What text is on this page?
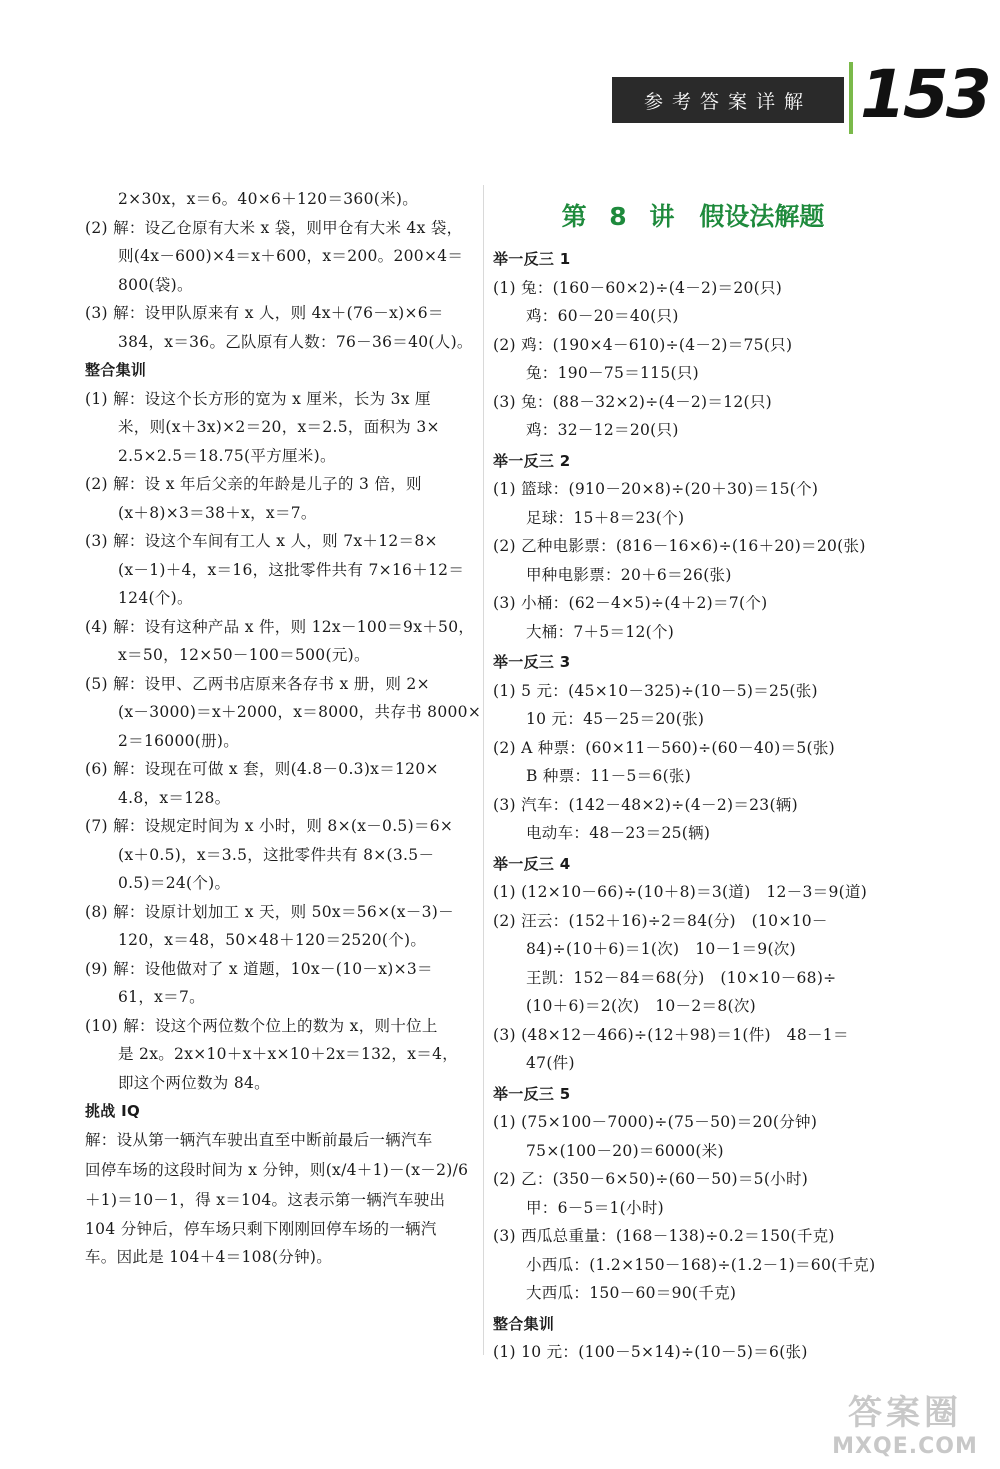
参考答案详解 153
2×30x，x＝6。40×6＋120＝360(米)。
(2) 解：设乙仓原有大米 x 袋，则甲仓有大米 4x 袋，
则(4x－600)×4＝x＋600，x＝200。200×4＝
800(袋)。
(3) 解：设甲队原来有 x 人，则 4x＋(76－x)×6＝
384，x＝36。乙队原有人数：76－36＝40(人)。
整合集训
(1) 解：设这个长方形的宽为 x 厘米，长为 3x 厘
米，则(x＋3x)×2＝20，x＝2.5，面积为 3×
2.5×2.5＝18.75(平方厘米)。
(2) 解：设 x 年后父亲的年龄是儿子的 3 倍，则
(x＋8)×3＝38＋x，x＝7。
(3) 解：设这个车间有工人 x 人，则 7x＋12＝8×
(x－1)＋4，x＝16，这批零件共有 7×16＋12＝
124(个)。
(4) 解：设有这种产品 x 件，则 12x－100＝9x＋50，
x＝50，12×50－100＝500(元)。
(5) 解：设甲、乙两书店原来各存书 x 册，则 2×
(x－3000)＝x＋2000，x＝8000，共存书 8000×
2＝16000(册)。
(6) 解：设现在可做 x 套，则(4.8－0.3)x＝120×
4.8，x＝128。
(7) 解：设规定时间为 x 小时，则 8×(x－0.5)＝6×
(x＋0.5)，x＝3.5，这批零件共有 8×(3.5－
0.5)＝24(个)。
(8) 解：设原计划加工 x 天，则 50x＝56×(x－3)－
120，x＝48，50×48＋120＝2520(个)。
(9) 解：设他做对了 x 道题，10x－(10－x)×3＝
61，x＝7。
(10) 解：设这个两位数个位上的数为 x，则十位上
是 2x。2x×10＋x＋x×10＋2x＝132，x＝4，
即这个两位数为 84。
挑战 IQ
解：设从第一辆汽车驶出直至中断前最后一辆汽车
回停车场的这段时间为 x 分钟，则(x/4＋1)－(x－2)/6
＋1)＝10－1，得 x＝104。这表示第一辆汽车驶出
104 分钟后，停车场只剩下刚刚回停车场的一辆汽
车。因此是 104＋4＝108(分钟)。
第 8 讲　假设法解题
举一反三 1
(1) 兔：(160－60×2)÷(4－2)＝20(只)
鸡：60－20＝40(只)
(2) 鸡：(190×4－610)÷(4－2)＝75(只)
兔：190－75＝115(只)
(3) 兔：(88－32×2)÷(4－2)＝12(只)
鸡：32－12＝20(只)
举一反三 2
(1) 篮球：(910－20×8)÷(20＋30)＝15(个)
足球：15＋8＝23(个)
(2) 乙种电影票：(816－16×6)÷(16＋20)＝20(张)
甲种电影票：20＋6＝26(张)
(3) 小桶：(62－4×5)÷(4＋2)＝7(个)
大桶：7＋5＝12(个)
举一反三 3
(1) 5 元：(45×10－325)÷(10－5)＝25(张)
10 元：45－25＝20(张)
(2) A 种票：(60×11－560)÷(60－40)＝5(张)
B 种票：11－5＝6(张)
(3) 汽车：(142－48×2)÷(4－2)＝23(辆)
电动车：48－23＝25(辆)
举一反三 4
(1) (12×10－66)÷(10＋8)＝3(道)　12－3＝9(道)
(2) 汪云：(152＋16)÷2＝84(分)　(10×10－
84)÷(10＋6)＝1(次)　10－1＝9(次)
王凯：152－84＝68(分)　(10×10－68)÷
(10＋6)＝2(次)　10－2＝8(次)
(3) (48×12－466)÷(12＋98)＝1(件)　48－1＝
47(件)
举一反三 5
(1) (75×100－7000)÷(75－50)＝20(分钟)
75×(100－20)＝6000(米)
(2) 乙：(350－6×50)÷(60－50)＝5(小时)
甲：6－5＝1(小时)
(3) 西瓜总重量：(168－138)÷0.2＝150(千克)
小西瓜：(1.2×150－168)÷(1.2－1)＝60(千克)
大西瓜：150－60＝90(千克)
整合集训
(1) 10 元：(100－5×14)÷(10－5)＝6(张)
答案圈
MXQE.COM
